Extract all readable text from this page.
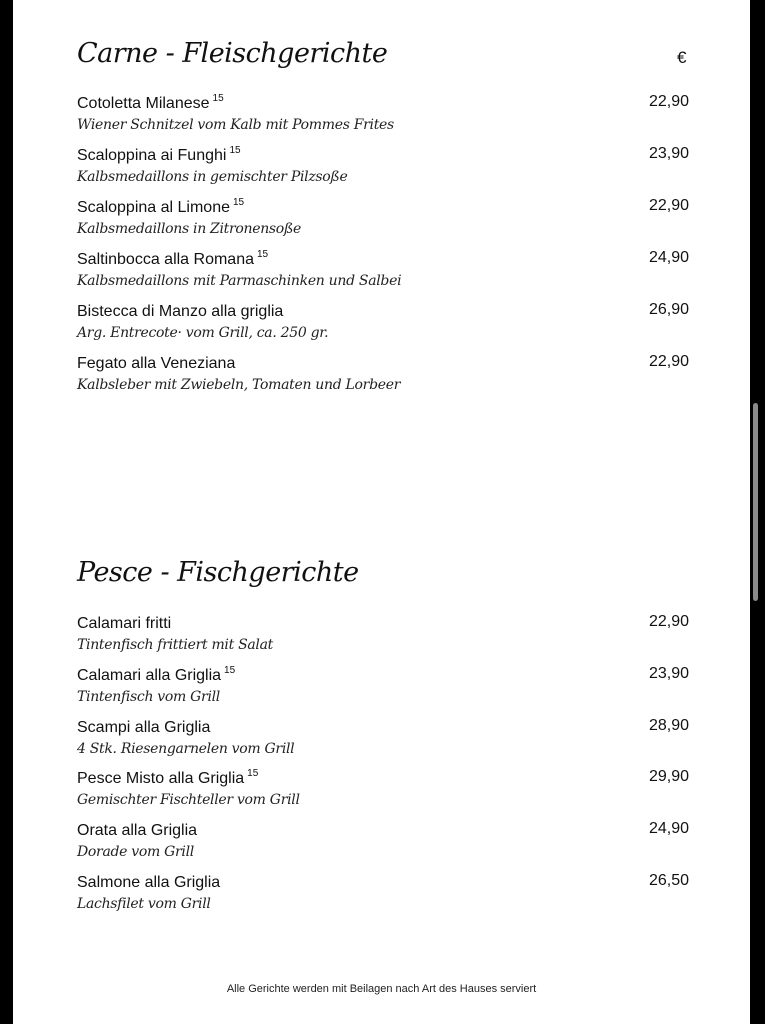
Carne - Fleischgerichte	€
Cotoletta Milanese $^{15}$	22,90
Wiener Schnitzel vom Kalb mit Pommes Frites
Scaloppina ai Funghi $^{15}$	23,90
Kalbsmedaillons in gemischter Pilzsoße
Scaloppina al Limone $^{15}$	22,90
Kalbsmedaillons in Zitronensoße
Saltinbocca alla Romana $^{15}$	24,90
Kalbsmedaillons mit Parmaschinken und Salbei
Bistecca di Manzo alla griglia	26,90
Arg. Entrecote· vom Grill, ca. 250 gr.
Fegato alla Veneziana	22,90
Kalbsleber mit Zwiebeln, Tomaten und Lorbeer
Pesce - Fischgerichte
Calamari fritti	22,90
Tintenfisch frittiert mit Salat
Calamari alla Griglia $^{15}$	23,90
Tintenfisch vom Grill
Scampi alla Griglia	28,90
4 Stk. Riesengarnelen vom Grill
Pesce Misto alla Griglia $^{15}$	29,90
Gemischter Fischteller vom Grill
Orata alla Griglia	24,90
Dorade vom Grill
Salmone alla Griglia	26,50
Lachsfilet vom Grill
Alle Gerichte werden mit Beilagen nach Art des Hauses serviert
